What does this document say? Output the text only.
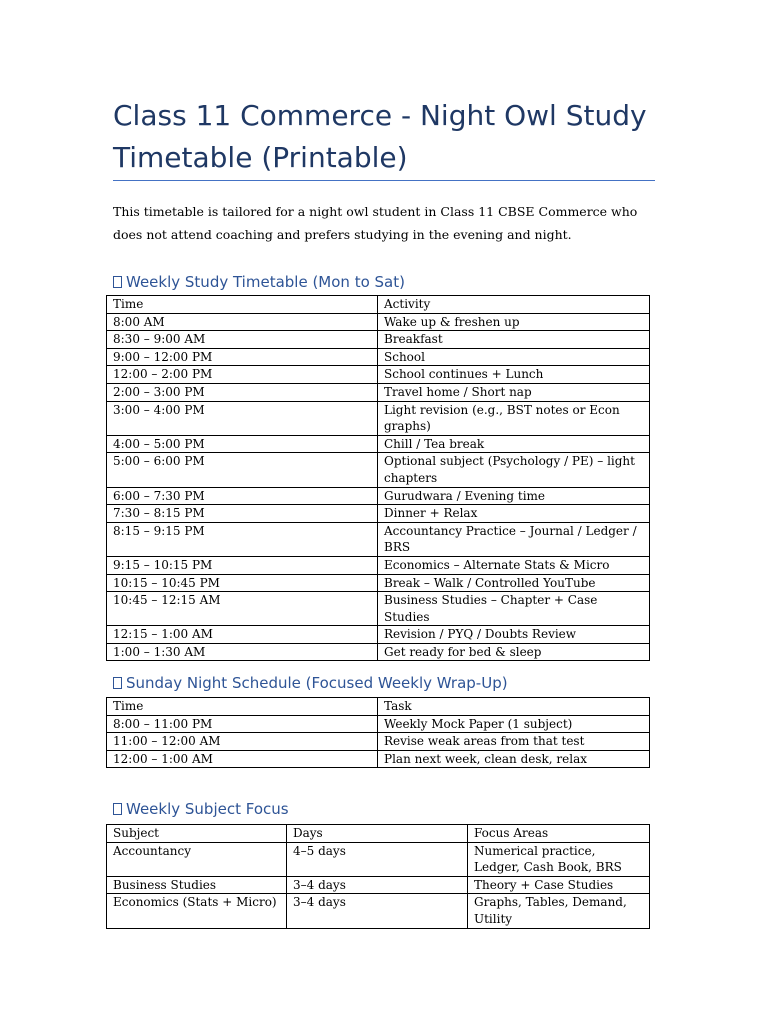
Class 11 Commerce - Night Owl Study Timetable (Printable)
This timetable is tailored for a night owl student in Class 11 CBSE Commerce who does not attend coaching and prefers studying in the evening and night.
Weekly Study Timetable (Mon to Sat)
Time	Activity
8:00 AM	Wake up & freshen up
8:30 – 9:00 AM	Breakfast
9:00 – 12:00 PM	School
12:00 – 2:00 PM	School continues + Lunch
2:00 – 3:00 PM	Travel home / Short nap
3:00 – 4:00 PM	Light revision (e.g., BST notes or Econ graphs)
4:00 – 5:00 PM	Chill / Tea break
5:00 – 6:00 PM	Optional subject (Psychology / PE) – light chapters
6:00 – 7:30 PM	Gurudwara / Evening time
7:30 – 8:15 PM	Dinner + Relax
8:15 – 9:15 PM	Accountancy Practice – Journal / Ledger / BRS
9:15 – 10:15 PM	Economics – Alternate Stats & Micro
10:15 – 10:45 PM	Break – Walk / Controlled YouTube
10:45 – 12:15 AM	Business Studies – Chapter + Case Studies
12:15 – 1:00 AM	Revision / PYQ / Doubts Review
1:00 – 1:30 AM	Get ready for bed & sleep
Sunday Night Schedule (Focused Weekly Wrap-Up)
Time	Task
8:00 – 11:00 PM	Weekly Mock Paper (1 subject)
11:00 – 12:00 AM	Revise weak areas from that test
12:00 – 1:00 AM	Plan next week, clean desk, relax
Weekly Subject Focus
Subject	Days	Focus Areas
Accountancy	4–5 days	Numerical practice, Ledger, Cash Book, BRS
Business Studies	3–4 days	Theory + Case Studies
Economics (Stats + Micro)	3–4 days	Graphs, Tables, Demand, Utility
